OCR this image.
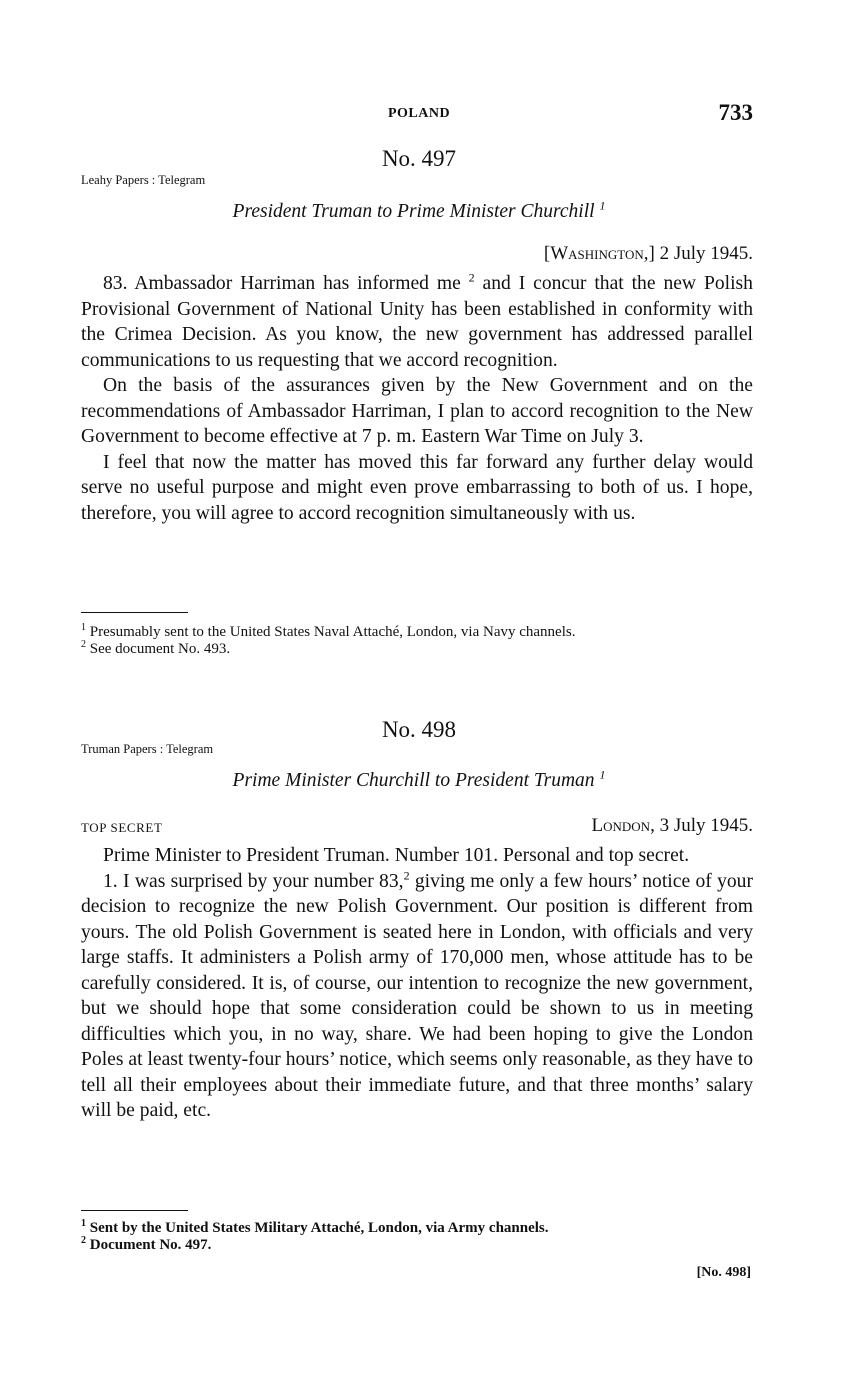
POLAND	733
No. 497
Leahy Papers : Telegram
President Truman to Prime Minister Churchill $^1$
[Washington,] 2 July 1945.

83. Ambassador Harriman has informed me $^2$ and I concur that the new Polish Provisional Government of National Unity has been established in conformity with the Crimea Decision. As you know, the new government has addressed parallel communications to us requesting that we accord recognition.

On the basis of the assurances given by the New Government and on the recommendations of Ambassador Harriman, I plan to accord recognition to the New Government to become effective at 7 p. m. Eastern War Time on July 3.

I feel that now the matter has moved this far forward any further delay would serve no useful purpose and might even prove embarrassing to both of us. I hope, therefore, you will agree to accord recognition simultaneously with us.

$^1$ Presumably sent to the United States Naval Attaché, London, via Navy channels.

$^2$ See document No. 493.

No. 498
Truman Papers : Telegram
Prime Minister Churchill to President Truman $^1$
TOP SECRET	London, 3 July 1945.

Prime Minister to President Truman. Number 101. Personal and top secret.

1. I was surprised by your number 83,$^2$ giving me only a few hours’ notice of your decision to recognize the new Polish Government. Our position is different from yours. The old Polish Government is seated here in London, with officials and very large staffs. It administers a Polish army of 170,000 men, whose attitude has to be carefully considered. It is, of course, our intention to recognize the new government, but we should hope that some consideration could be shown to us in meeting difficulties which you, in no way, share. We had been hoping to give the London Poles at least twenty-four hours’ notice, which seems only reasonable, as they have to tell all their employees about their immediate future, and that three months’ salary will be paid, etc.

$^1$ Sent by the United States Military Attaché, London, via Army channels.

$^2$ Document No. 497.

[No. 498]
